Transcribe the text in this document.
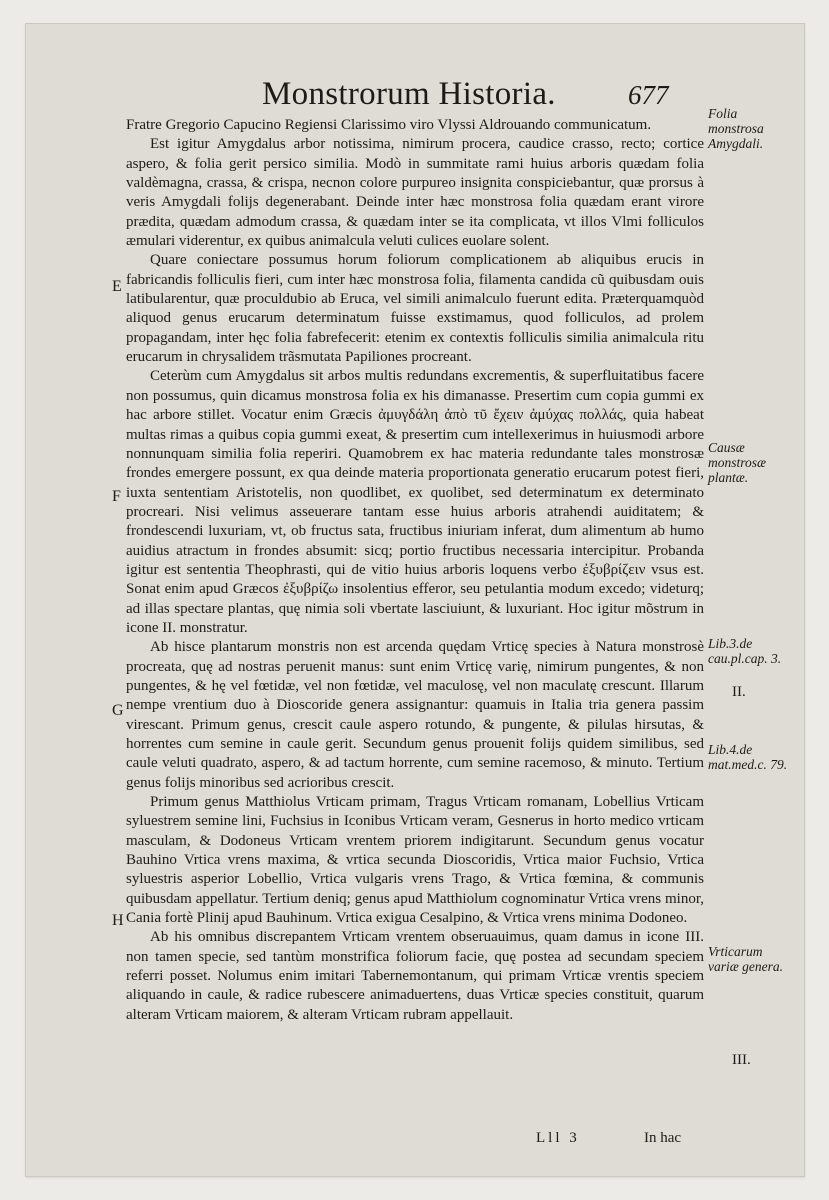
Monstrorum Historia.	677

Fratre Gregorio Capucino Regiensi Clarissimo viro Vlyssi Aldrouando communicatum.

Est igitur Amygdalus arbor notissima, nimirum procera, caudice crasso, recto; cortice aspero, & folia gerit persico similia. Modò in summitate rami huius arboris quædam folia valdèmagna, crassa, & crispa, necnon colore purpureo insignita conspiciebantur, quæ prorsus à veris Amygdali folijs degenerabant. Deinde inter hæc monstrosa folia quædam erant virore prædita, quædam admodum crassa, & quædam inter se ita complicata, vt illos Vlmi folliculos æmulari viderentur, ex quibus animalcula veluti culices euolare solent.

Quare coniectare possumus horum foliorum complicationem ab aliquibus erucis in fabricandis folliculis fieri, cum inter hæc monstrosa folia, filamenta candida cũ quibusdam ouis latibularentur, quæ proculdubio ab Eruca, vel simili animalculo fuerunt edita. Præterquamquòd aliquod genus erucarum determinatum fuisse exstimamus, quod folliculos, ad prolem propagandam, inter hęc folia fabrefecerit: etenim ex contextis folliculis similia animalcula ritu erucarum in chrysalidem trãsmutata Papiliones procreant.

Ceterùm cum Amygdalus sit arbos multis redundans excrementis, & superfluitatibus facere non possumus, quin dicamus monstrosa folia ex his dimanasse. Presertim cum copia gummi ex hac arbore stillet. Vocatur enim Græcis ἀμυγδάλη ἀπὸ τῦ ἔχειν ἀμύχας πολλάς, quia habeat multas rimas a quibus copia gummi exeat, & presertim cum intellexerimus in huiusmodi arbore nonnunquam similia folia reperiri. Quamobrem ex hac materia redundante tales monstrosæ frondes emergere possunt, ex qua deinde materia proportionata generatio erucarum potest fieri, iuxta sententiam Aristotelis, non quodlibet, ex quolibet, sed determinatum ex determinato procreari. Nisi velimus asseuerare tantam esse huius arboris atrahendi auiditatem; & frondescendi luxuriam, vt, ob fructus sata, fructibus iniuriam inferat, dum alimentum ab humo auidius atractum in frondes absumit: sicq; portio fructibus necessaria intercipitur. Probanda igitur est sententia Theophrasti, qui de vitio huius arboris loquens verbo ἐξυβρίζειν vsus est. Sonat enim apud Græcos ἐξυβρίζω insolentius efferor, seu petulantia modum excedo; videturq; ad illas spectare plantas, quę nimia soli vbertate lasciuiunt, & luxuriant. Hoc igitur mõstrum in icone II. monstratur.

Ab hisce plantarum monstris non est arcenda quędam Vrticę species à Natura monstrosè procreata, quę ad nostras peruenit manus: sunt enim Vrticę varię, nimirum pungentes, & non pungentes, & hę vel fœtidæ, vel non fœtidæ, vel maculosę, vel non maculatę crescunt. Illarum nempe vrentium duo à Dioscoride genera assignantur: quamuis in Italia tria genera passim virescant. Primum genus, crescit caule aspero rotundo, & pungente, & pilulas hirsutas, & horrentes cum semine in caule gerit. Secundum genus prouenit folijs quidem similibus, sed caule veluti quadrato, aspero, & ad tactum horrente, cum semine racemoso, & minuto. Tertium genus folijs minoribus sed acrioribus crescit.

Primum genus Matthiolus Vrticam primam, Tragus Vrticam romanam, Lobellius Vrticam syluestrem semine lini, Fuchsius in Iconibus Vrticam veram, Gesnerus in horto medico vrticam masculam, & Dodoneus Vrticam vrentem priorem indigitarunt. Secundum genus vocatur Bauhino Vrtica vrens maxima, & vrtica secunda Dioscoridis, Vrtica maior Fuchsio, Vrtica syluestris asperior Lobellio, Vrtica vulgaris vrens Trago, & Vrtica fœmina, & communis quibusdam appellatur. Tertium deniq; genus apud Matthiolum cognominatur Vrtica vrens minor, Cania fortè Plinij apud Bauhinum. Vrtica exigua Cesalpino, & Vrtica vrens minima Dodoneo.

Ab his omnibus discrepantem Vrticam vrentem obseruauimus, quam damus in icone III. non tamen specie, sed tantùm monstrifica foliorum facie, quę postea ad secundam speciem referri posset. Nolumus enim imitari Tabernemontanum, qui primam Vrticæ vrentis speciem aliquando in caule, & radice rubescere animaduertens, duas Vrticæ species constituit, quarum alteram Vrticam maiorem, & alteram Vrticam rubram appellauit.

E
F
G
H
Folia monstrosa Amygdali.
Causæ monstrosæ plantæ.
Lib.3.de cau.pl.cap. 3.
II.
Lib.4.de mat.med.c. 79.
Vrticarum variæ genera.
III.
Lll 3	In hac
